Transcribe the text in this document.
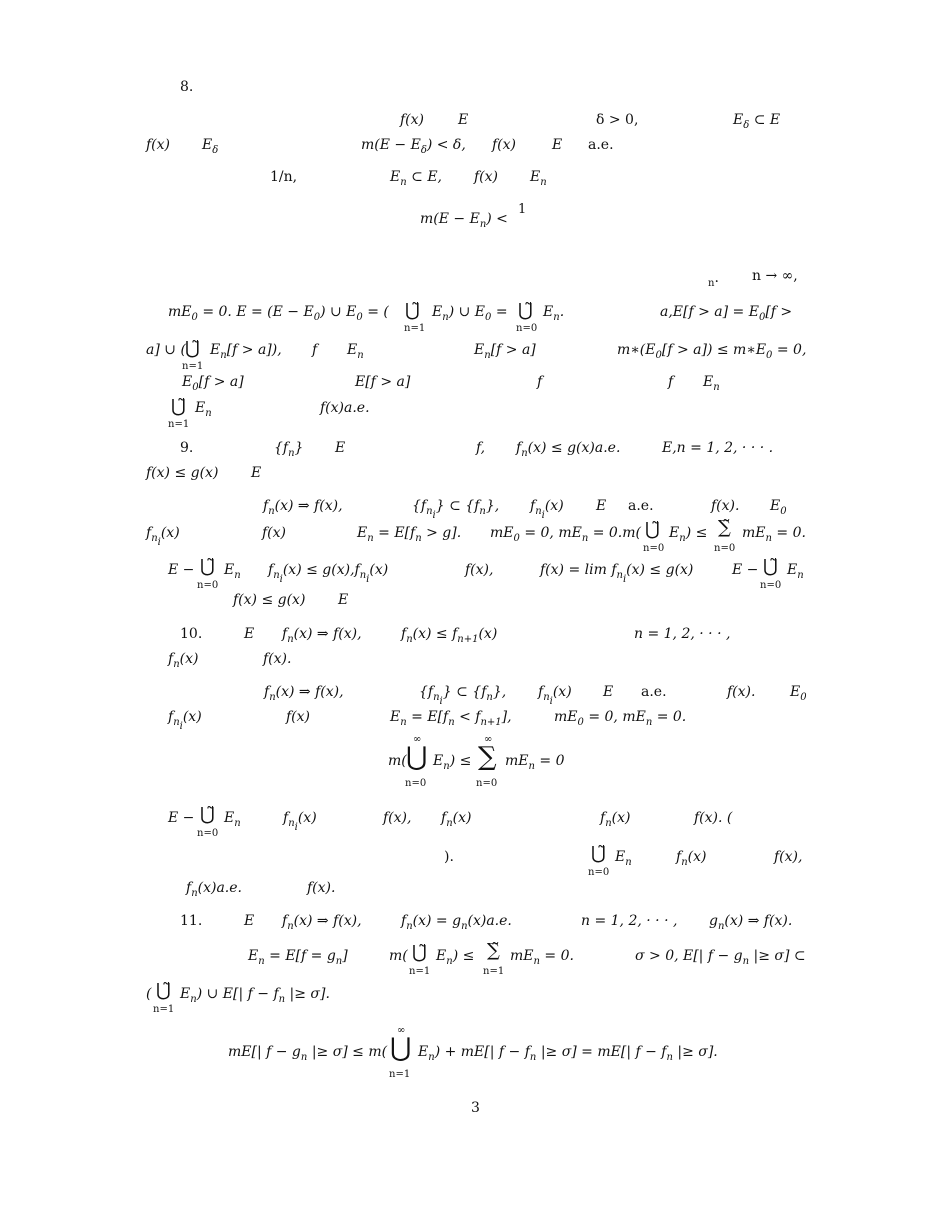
8.
f(x) E	δ > 0,	$E_\delta$ ⊂ E
f(x) $E_\delta$	$m(E - E_\delta) < \delta$, f(x)	E a.e.
1/n,	$E_n$ ⊂ E, f(x) $E_n$
$m(E - E_n)$ <
1
$_n$. n → ∞,
$mE_0 = 0$. $E = (E - E_0)$ ∪ $E_0$ = ( ⋃̃
n=1
$E_n$) ∪ $E_0$ = ⋃̃
n=0
$E_n$.	$a,E[f > a] = E_0[f$ >
a] ∪ ( ⋃̃
n=1
$E_n[f > a]$), f $E_n$	$E_n[f > a]$	$m∗(E_0[f > a])$ ≤ $m∗E_0 = 0$,
$E_0[f > a]$	E[f > a]	f	f $E_n$
⋃̃
n=1
$E_n$	f(x)a.e.
9.	$\{f_n\}$ E	f, $f_n(x) \le g(x)a.e$.	E,n = 1, 2, · · · .
f(x) ≤ g(x) E
$f_n(x)$ ⇒ f(x),	$\{f_{n_i}\}$ ⊂ $\{f_n\}$, $f_{n_i}(x)$ E a.e.	f(x). $E_0$
$f_{n_i}(x)$	f(x)	$E_n = E[f_n > g]$. $mE_0 = 0$, $mE_n = 0.m$( ⋃̃
n=0
$E_n$) ≤ ∑̃
n=0
$mE_n = 0$.
E − ⋃̃
n=0
$E_n$ $f_{n_i}(x) \le g(x),f_{n_i}(x)$	f(x),	$f(x) = \lim f_{n_i}(x) \le g(x)$	E − ⋃̃
n=0
$E_n$
f(x) ≤ g(x) E
10.	E $f_n(x)$ ⇒ f(x),	$f_n(x) \le f_{n+1}(x)$	n = 1, 2, · · · ,
$f_n(x)$	f(x).
$f_n(x)$ ⇒ f(x),	$\{f_{n_i}\}$ ⊂ $\{f_n\}$, $f_{n_i}(x)$ E a.e.	f(x). $E_0$
$f_{n_i}(x)$	f(x)	$E_n = E[f_n < f_{n+1}]$,	$mE_0 = 0$, $mE_n = 0$.
m(
∞
⋃
n=0
$E_n$) ≤
∞
∑
n=0
$mE_n = 0$
E − ⋃̃
n=0
$E_n$	$f_{n_i}(x)$	f(x), $f_n(x)$	$f_n(x)$	f(x). (
).	⋃̃
n=0
$E_n$	$f_n(x)$	f(x),
$f_n(x)a.e$.	f(x).
11.	E $f_n(x)$ ⇒ f(x),	$f_n(x) = g_n(x)a.e$.	n = 1, 2, · · · , $g_n(x)$ ⇒ f(x).
$E_n = E[f = g_n]$	m( ⋃̃
n=1
$E_n$) ≤ ∑̃
n=1
$mE_n = 0$.	σ > 0, E[| $f - g_n$ |≥ σ] ⊂
( ⋃̃
n=1
$E_n$) ∪ E[| $f - f_n$ |≥ σ].
mE[| $f - g_n$ |≥ σ] ≤ m(
∞
⋃
n=1
$E_n) + mE[|$ $f - f_n$ |≥ σ] = mE[| $f - f_n$ |≥ σ].
3
